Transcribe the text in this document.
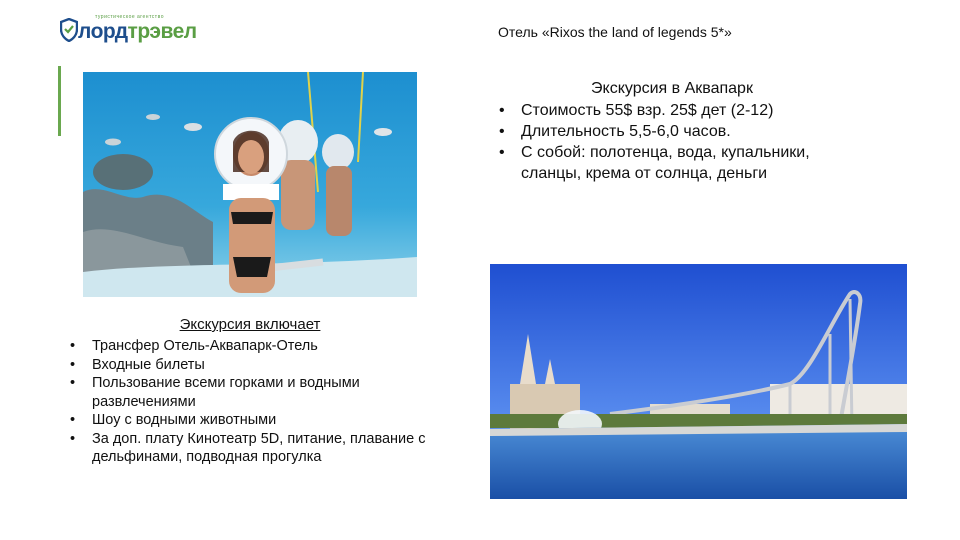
туристическое агентство
лордтрэвел	Отель «Rixos the land of legends 5*»
Экскурсия в Аквапарк
• Стоимость 55$ взр. 25$ дет (2-12)
• Длительность 5,5-6,0 часов.
• С собой: полотенца, вода, купальники, сланцы, крема от солнца, деньги
Экскурсия включает
• Трансфер Отель-Аквапарк-Отель
• Входные билеты
• Пользование всеми горками и водными развлечениями
• Шоу с водными животными
• За доп. плату Кинотеатр 5D, питание, плавание с дельфинами, подводная прогулка
